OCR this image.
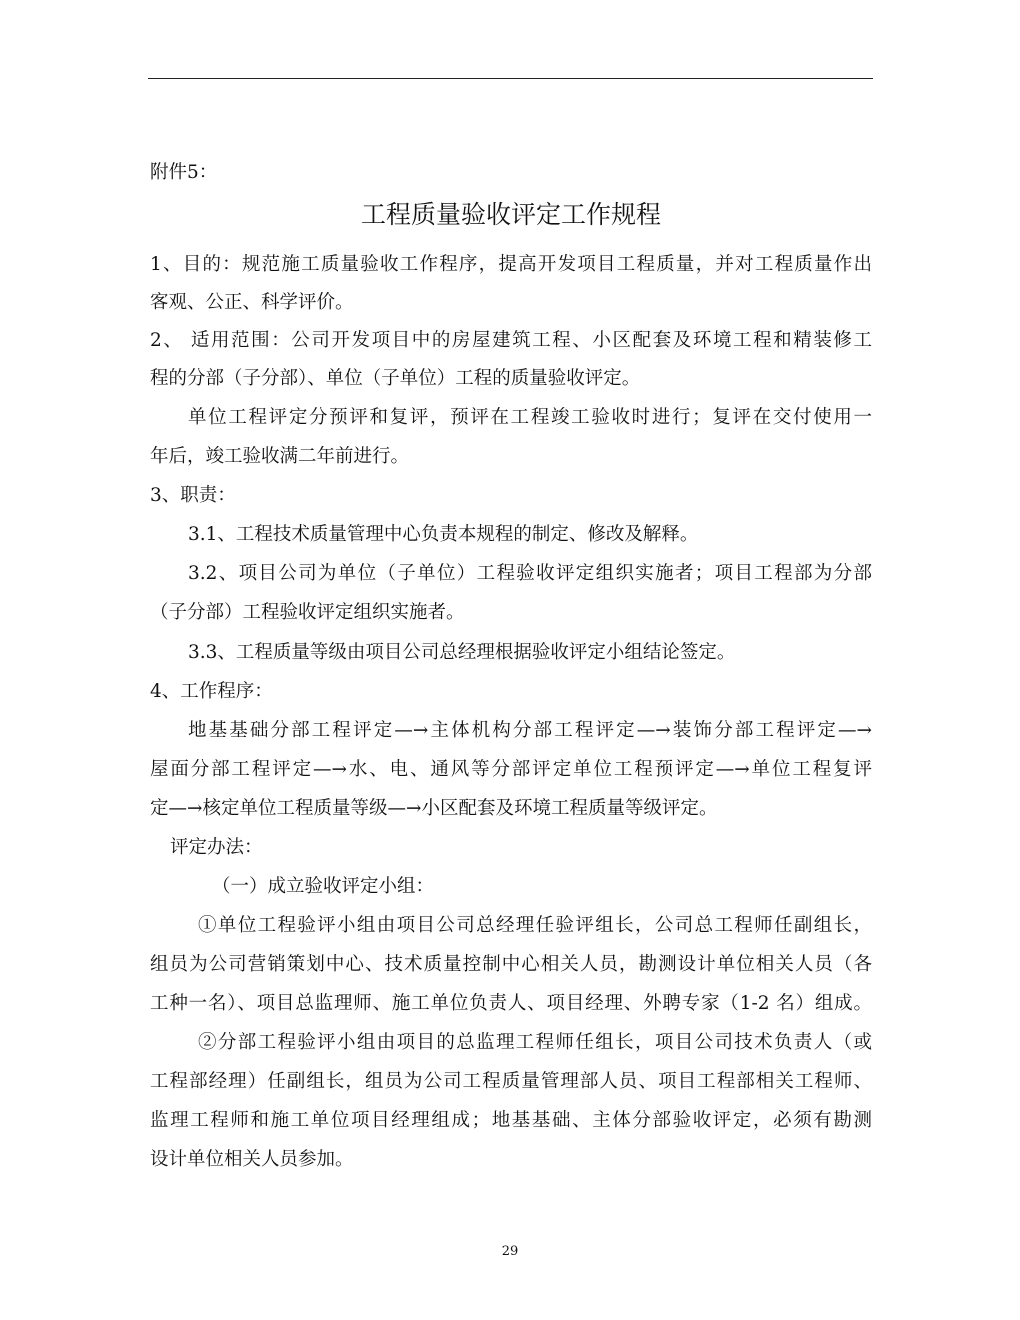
附件5：
工程质量验收评定工作规程
1、目的：规范施工质量验收工作程序，提高开发项目工程质量，并对工程质量作出
客观、公正、科学评价。
2、 适用范围：公司开发项目中的房屋建筑工程、小区配套及环境工程和精装修工
程的分部（子分部）、单位（子单位）工程的质量验收评定。
单位工程评定分预评和复评，预评在工程竣工验收时进行；复评在交付使用一
年后，竣工验收满二年前进行。
3、职责：
3.1、工程技术质量管理中心负责本规程的制定、修改及解释。
3.2、项目公司为单位（子单位）工程验收评定组织实施者；项目工程部为分部
（子分部）工程验收评定组织实施者。
3.3、工程质量等级由项目公司总经理根据验收评定小组结论签定。
4、工作程序：
地基基础分部工程评定—→主体机构分部工程评定—→装饰分部工程评定—→
屋面分部工程评定—→水、电、通风等分部评定单位工程预评定—→单位工程复评
定—→核定单位工程质量等级—→小区配套及环境工程质量等级评定。
评定办法：
（一）成立验收评定小组：
①单位工程验评小组由项目公司总经理任验评组长，公司总工程师任副组长，
组员为公司营销策划中心、技术质量控制中心相关人员，勘测设计单位相关人员（各
工种一名）、项目总监理师、施工单位负责人、项目经理、外聘专家（1-2 名）组成。
②分部工程验评小组由项目的总监理工程师任组长，项目公司技术负责人（或
工程部经理）任副组长，组员为公司工程质量管理部人员、项目工程部相关工程师、
监理工程师和施工单位项目经理组成；地基基础、主体分部验收评定，必须有勘测
设计单位相关人员参加。
29
